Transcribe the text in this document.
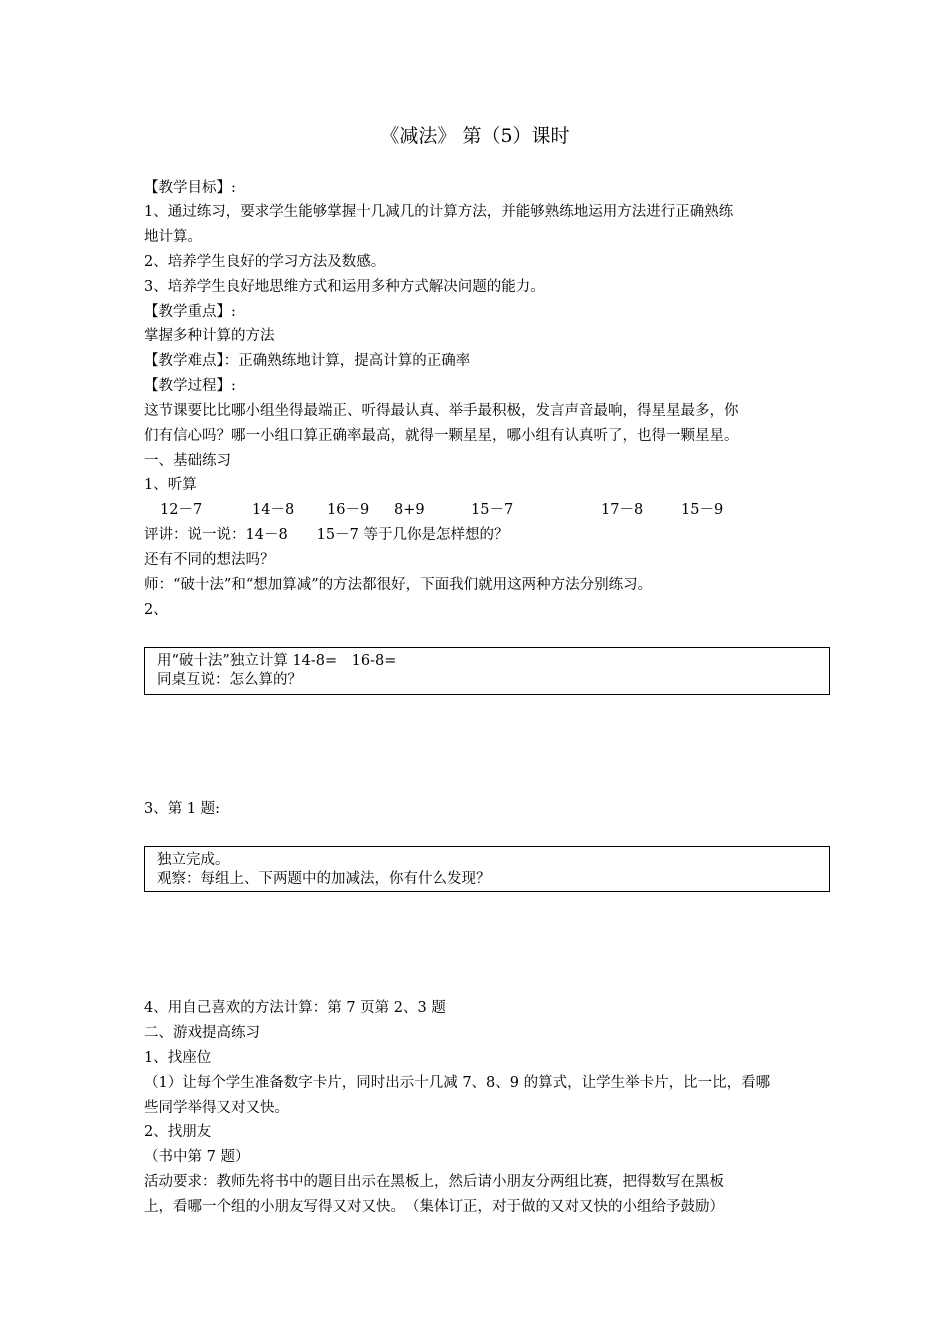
《减法》 第（5）课时
【教学目标】:
1、通过练习，要求学生能够掌握十几减几的计算方法，并能够熟练地运用方法进行正确熟练
地计算。
2、培养学生良好的学习方法及数感。
3、培养学生良好地思维方式和运用多种方式解决问题的能力。
【教学重点】:
掌握多种计算的方法
【教学难点】：正确熟练地计算，提高计算的正确率
【教学过程】:
这节课要比比哪小组坐得最端正、听得最认真、举手最积极，发言声音最响，得星星最多，你
们有信心吗？哪一小组口算正确率最高，就得一颗星星，哪小组有认真听了，也得一颗星星。
一、基础练习
1、听算
12－7	14－8 16－9 8+9	15－7	17－8	15－9
评讲：说一说：14－8　　15－7 等于几你是怎样想的？
还有不同的想法吗？
师：“破十法”和“想加算减”的方法都很好，下面我们就用这两种方法分别练习。
2、
用“破十法”独立计算 14-8=　16-8=
同桌互说：怎么算的？
3、第 1 题:
独立完成。
观察：每组上、下两题中的加减法，你有什么发现？
4、用自己喜欢的方法计算：第 7 页第 2、3 题
二、游戏提高练习
1、找座位
（1）让每个学生准备数字卡片，同时出示十几减 7、8、9 的算式，让学生举卡片，比一比，看哪
些同学举得又对又快。
2、找朋友
（书中第 7 题）
活动要求：教师先将书中的题目出示在黑板上，然后请小朋友分两组比赛，把得数写在黑板
上，看哪一个组的小朋友写得又对又快。　（集体订正，对于做的又对又快的小组给予鼓励）
